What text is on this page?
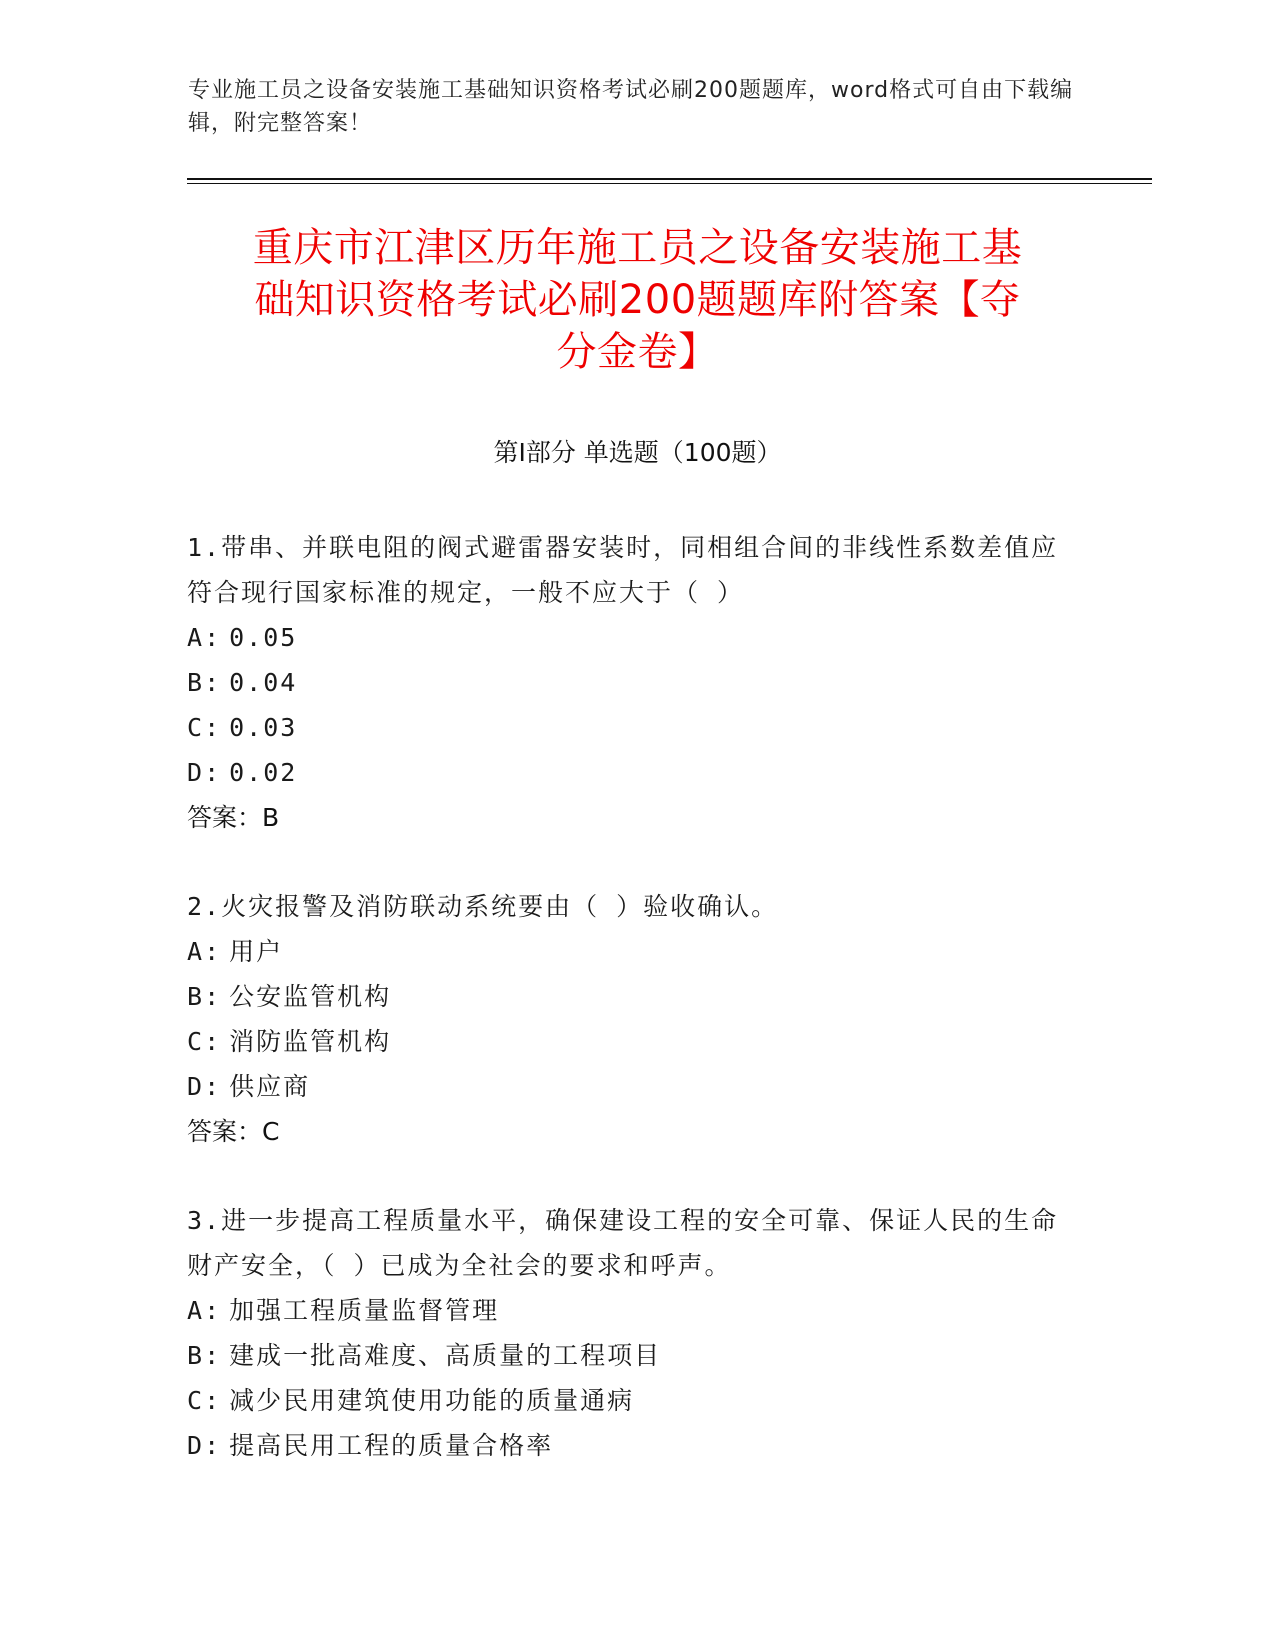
专业施工员之设备安装施工基础知识资格考试必刷200题题库，word格式可自由下载编辑，附完整答案！
重庆市江津区历年施工员之设备安装施工基
础知识资格考试必刷200题题库附答案【夺
分金卷】
第Ⅰ部分 单选题（100题）
1.带串、并联电阻的阀式避雷器安装时，同相组合间的非线性系数差值应符合现行国家标准的规定，一般不应大于（ ）
A: 0.05
B: 0.04
C: 0.03
D: 0.02
答案：B
2.火灾报警及消防联动系统要由（ ）验收确认。
A: 用户
B: 公安监管机构
C: 消防监管机构
D: 供应商
答案：C
3.进一步提高工程质量水平，确保建设工程的安全可靠、保证人民的生命财产安全，（ ）已成为全社会的要求和呼声。
A: 加强工程质量监督管理
B: 建成一批高难度、高质量的工程项目
C: 减少民用建筑使用功能的质量通病
D: 提高民用工程的质量合格率
